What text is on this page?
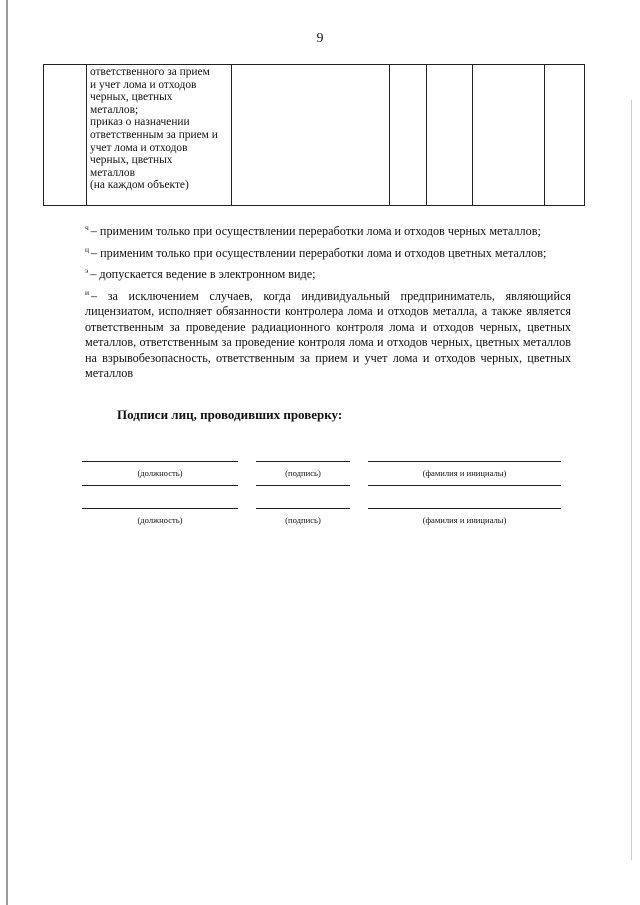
9
	ответственного за прием
и учет лома и отходов
черных, цветных
металлов;
приказ о назначении
ответственным за прием и
учет лома и отходов
черных, цветных
металлов
(на каждом объекте)					

$^ч$ – применим только при осуществлении переработки лома и отходов черных металлов;

$^ц$ – применим только при осуществлении переработки лома и отходов цветных металлов;

$^э$ – допускается ведение в электронном виде;

$^и$ – за исключением случаев, когда индивидуальный предприниматель, являющийся лицензиатом, исполняет обязанности контролера лома и отходов металла, а также является ответственным за проведение радиационного контроля лома и отходов черных, цветных металлов, ответственным за проведение контроля лома и отходов черных, цветных металлов на взрывобезопасность, ответственным за прием и учет лома и отходов черных, цветных металлов

Подписи лиц, проводивших проверку:
(должность)	(подпись)	(фамилия и инициалы)
(должность)	(подпись)	(фамилия и инициалы)
